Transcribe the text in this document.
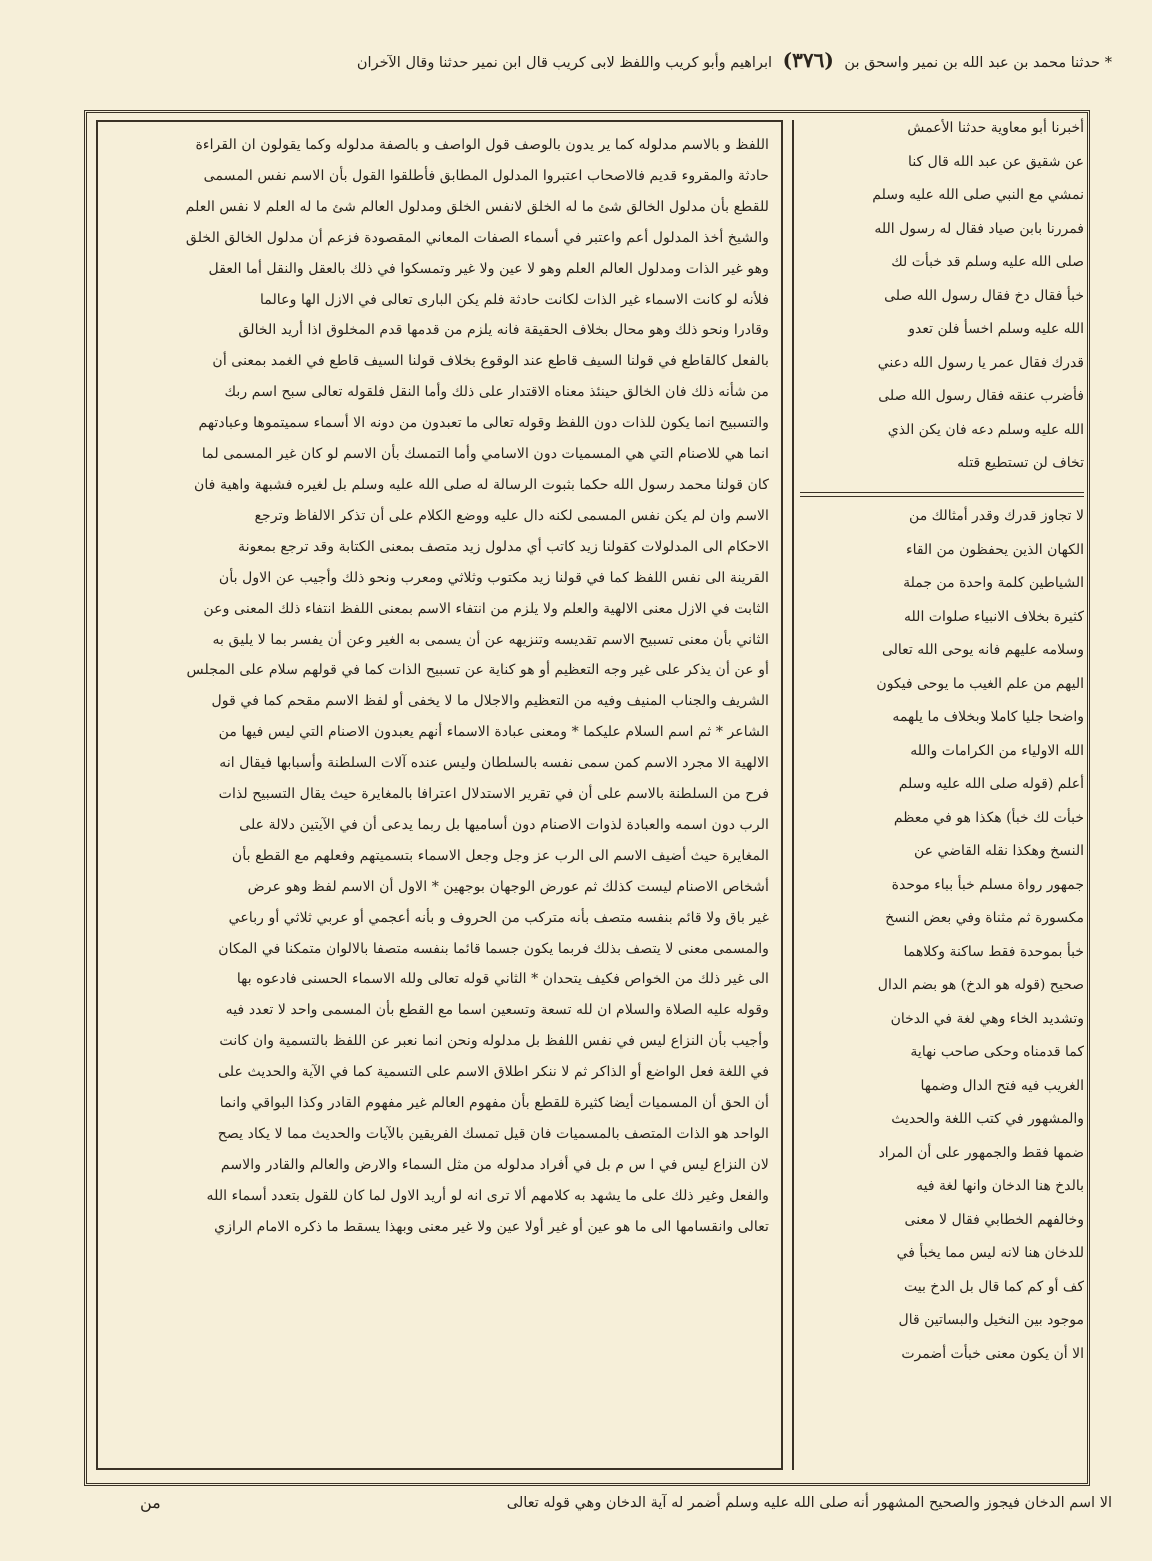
* حدثنا محمد بن عبد الله بن نمير واسحق بن (٣٧٦) ابراهيم وأبو كريب واللفظ لابى كريب قال ابن نمير حدثنا وقال الآخران

اللفظ و بالاسم مدلوله كما ير يدون بالوصف قول الواصف و بالصفة مدلوله وكما يقولون ان القراءة

حادثة والمقروء قديم فالاصحاب اعتبروا المدلول المطابق فأطلقوا القول بأن الاسم نفس المسمى

للقطع بأن مدلول الخالق شئ ما له الخلق لانفس الخلق ومدلول العالم شئ ما له العلم لا نفس العلم

والشيخ أخذ المدلول أعم واعتبر في أسماء الصفات المعاني المقصودة فزعم أن مدلول الخالق الخلق

وهو غير الذات ومدلول العالم العلم وهو لا عين ولا غير وتمسكوا في ذلك بالعقل والنقل أما العقل

فلأنه لو كانت الاسماء غير الذات لكانت حادثة فلم يكن البارى تعالى في الازل الها وعالما

وقادرا ونحو ذلك وهو محال بخلاف الحقيقة فانه يلزم من قدمها قدم المخلوق اذا أريد الخالق

بالفعل كالقاطع في قولنا السيف قاطع عند الوقوع بخلاف قولنا السيف قاطع في الغمد بمعنى أن

من شأنه ذلك فان الخالق حينئذ معناه الاقتدار على ذلك وأما النقل فلقوله تعالى سبح اسم ربك

والتسبيح انما يكون للذات دون اللفظ وقوله تعالى ما تعبدون من دونه الا أسماء سميتموها وعبادتهم

انما هي للاصنام التي هي المسميات دون الاسامي وأما التمسك بأن الاسم لو كان غير المسمى لما

كان قولنا محمد رسول الله حكما بثبوت الرسالة له صلى الله عليه وسلم بل لغيره فشبهة واهية فان

الاسم وان لم يكن نفس المسمى لكنه دال عليه ووضع الكلام على أن تذكر الالفاظ وترجع

الاحكام الى المدلولات كقولنا زيد كاتب أي مدلول زيد متصف بمعنى الكتابة وقد ترجع بمعونة

القرينة الى نفس اللفظ كما في قولنا زيد مكتوب وثلاثي ومعرب ونحو ذلك وأجيب عن الاول بأن

الثابت في الازل معنى الالهية والعلم ولا يلزم من انتفاء الاسم بمعنى اللفظ انتفاء ذلك المعنى وعن

الثاني بأن معنى تسبيح الاسم تقديسه وتنزيهه عن أن يسمى به الغير وعن أن يفسر بما لا يليق به

أو عن أن يذكر على غير وجه التعظيم أو هو كناية عن تسبيح الذات كما في قولهم سلام على المجلس

الشريف والجناب المنيف وفيه من التعظيم والاجلال ما لا يخفى أو لفظ الاسم مقحم كما في قول

الشاعر * ثم اسم السلام عليكما * ومعنى عبادة الاسماء أنهم يعبدون الاصنام التي ليس فيها من

الالهية الا مجرد الاسم كمن سمى نفسه بالسلطان وليس عنده آلات السلطنة وأسبابها فيقال انه

فرح من السلطنة بالاسم على أن في تقرير الاستدلال اعترافا بالمغايرة حيث يقال التسبيح لذات

الرب دون اسمه والعبادة لذوات الاصنام دون أساميها بل ربما يدعى أن في الآيتين دلالة على

المغايرة حيث أضيف الاسم الى الرب عز وجل وجعل الاسماء بتسميتهم وفعلهم مع القطع بأن

أشخاص الاصنام ليست كذلك ثم عورض الوجهان بوجهين * الاول أن الاسم لفظ وهو عرض

غير باق ولا قائم بنفسه متصف بأنه متركب من الحروف و بأنه أعجمي أو عربي ثلاثي أو رباعي

والمسمى معنى لا يتصف بذلك فربما يكون جسما قائما بنفسه متصفا بالالوان متمكنا في المكان

الى غير ذلك من الخواص فكيف يتحدان * الثاني قوله تعالى ولله الاسماء الحسنى فادعوه بها

وقوله عليه الصلاة والسلام ان لله تسعة وتسعين اسما مع القطع بأن المسمى واحد لا تعدد فيه

وأجيب بأن النزاع ليس في نفس اللفظ بل مدلوله ونحن انما نعبر عن اللفظ بالتسمية وان كانت

في اللغة فعل الواضع أو الذاكر ثم لا ننكر اطلاق الاسم على التسمية كما في الآية والحديث على

أن الحق أن المسميات أيضا كثيرة للقطع بأن مفهوم العالم غير مفهوم القادر وكذا البواقي وانما

الواحد هو الذات المتصف بالمسميات فان قيل تمسك الفريقين بالآيات والحديث مما لا يكاد يصح

لان النزاع ليس في ا س م بل في أفراد مدلوله من مثل السماء والارض والعالم والقادر والاسم

والفعل وغير ذلك على ما يشهد به كلامهم ألا ترى انه لو أريد الاول لما كان للقول بتعدد أسماء الله

تعالى وانقسامها الى ما هو عين أو غير أولا عين ولا غير معنى وبهذا يسقط ما ذكره الامام الرازي

أخبرنا أبو معاوية حدثنا الأعمش

عن شقيق عن عبد الله قال كنا

نمشي مع النبي صلى الله عليه وسلم

فمررنا بابن صياد فقال له رسول الله

صلى الله عليه وسلم قد خبأت لك

خبأ فقال دخ فقال رسول الله صلى

الله عليه وسلم اخسأ فلن تعدو

قدرك فقال عمر يا رسول الله دعني

فأضرب عنقه فقال رسول الله صلى

الله عليه وسلم دعه فان يكن الذي

تخاف لن تستطيع قتله

لا تجاوز قدرك وقدر أمثالك من

الكهان الذين يحفظون من القاء

الشياطين كلمة واحدة من جملة

كثيرة بخلاف الانبياء صلوات الله

وسلامه عليهم فانه يوحى الله تعالى

اليهم من علم الغيب ما يوحى فيكون

واضحا جليا كاملا وبخلاف ما يلهمه

الله الاولياء من الكرامات والله

أعلم (قوله صلى الله عليه وسلم

خبأت لك خبأ) هكذا هو في معظم

النسخ وهكذا نقله القاضي عن

جمهور رواة مسلم خبأ بباء موحدة

مكسورة ثم مثناة وفي بعض النسخ

خبأ بموحدة فقط ساكنة وكلاهما

صحيح (قوله هو الدخ) هو بضم الدال

وتشديد الخاء وهي لغة في الدخان

كما قدمناه وحكى صاحب نهاية

الغريب فيه فتح الدال وضمها

والمشهور في كتب اللغة والحديث

ضمها فقط والجمهور على أن المراد

بالدخ هنا الدخان وانها لغة فيه

وخالفهم الخطابي فقال لا معنى

للدخان هنا لانه ليس مما يخبأ في

كف أو كم كما قال بل الدخ بيت

موجود بين النخيل والبساتين قال

الا أن يكون معنى خبأت أضمرت

الا اسم الدخان فيجوز والصحيح المشهور أنه صلى الله عليه وسلم أضمر له آية الدخان وهي قوله تعالى
من
